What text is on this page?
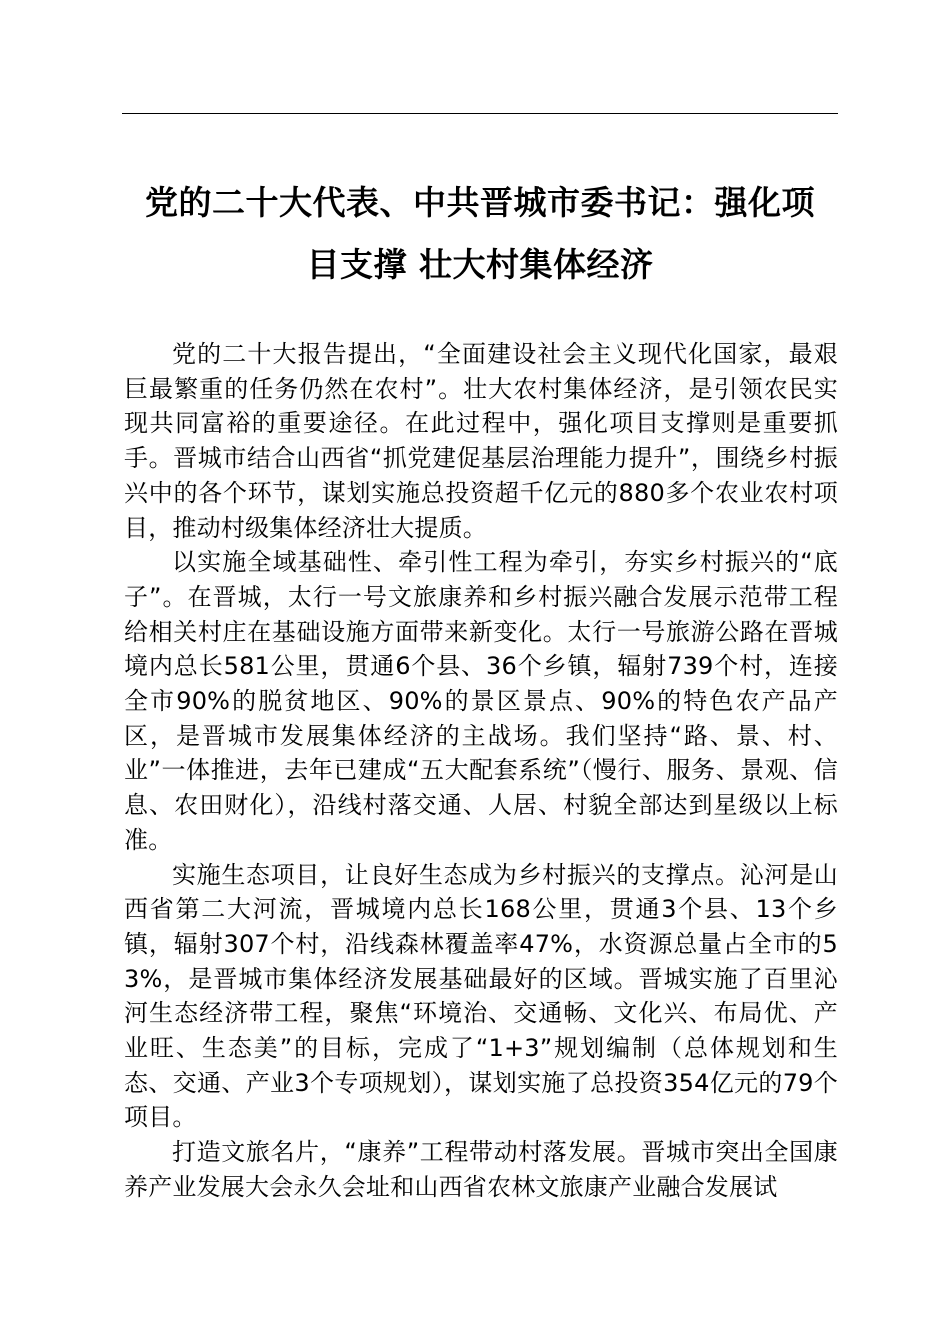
党的二十大代表、中共晋城市委书记：强化项
目支撑 壮大村集体经济

党的二十大报告提出，“全面建设社会主义现代化国家，最艰巨最繁重的任务仍然在农村”。壮大农村集体经济，是引领农民实现共同富裕的重要途径。在此过程中，强化项目支撑则是重要抓手。晋城市结合山西省“抓党建促基层治理能力提升”，围绕乡村振兴中的各个环节，谋划实施总投资超千亿元的880多个农业农村项目，推动村级集体经济壮大提质。

以实施全域基础性、牵引性工程为牵引，夯实乡村振兴的“底子”。在晋城，太行一号文旅康养和乡村振兴融合发展示范带工程给相关村庄在基础设施方面带来新变化。太行一号旅游公路在晋城境内总长581公里，贯通6个县、36个乡镇，辐射739个村，连接全市90%的脱贫地区、90%的景区景点、90%的特色农产品产区，是晋城市发展集体经济的主战场。我们坚持“路、景、村、业”一体推进，去年已建成“五大配套系统”（慢行、服务、景观、信息、农田财化），沿线村落交通、人居、村貌全部达到星级以上标准。

实施生态项目，让良好生态成为乡村振兴的支撑点。沁河是山西省第二大河流，晋城境内总长168公里，贯通3个县、13个乡镇，辐射307个村，沿线森林覆盖率47%，水资源总量占全市的53%，是晋城市集体经济发展基础最好的区域。晋城实施了百里沁河生态经济带工程，聚焦“环境治、交通畅、文化兴、布局优、产业旺、生态美”的目标，完成了“1+3”规划编制（总体规划和生态、交通、产业3个专项规划），谋划实施了总投资354亿元的79个项目。

打造文旅名片，“康养”工程带动村落发展。晋城市突出全国康养产业发展大会永久会址和山西省农林文旅康产业融合发展试
